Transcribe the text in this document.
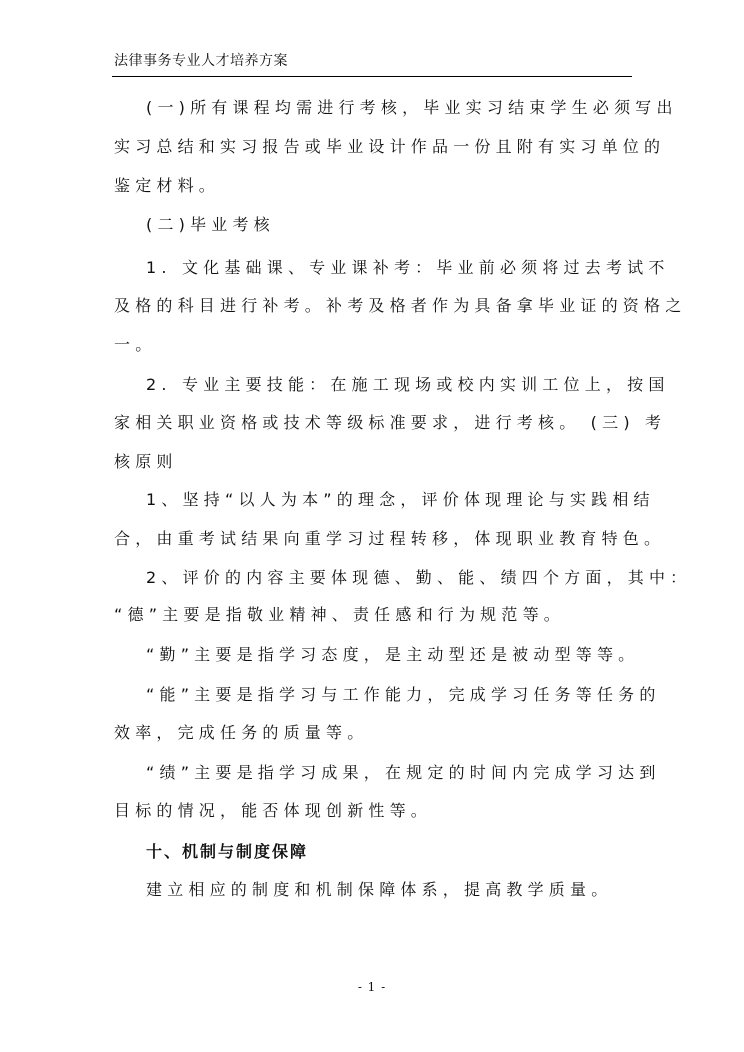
法律事务专业人才培养方案
(一)所有课程均需进行考核，毕业实习结束学生必须写出
实习总结和实习报告或毕业设计作品一份且附有实习单位的
鉴定材料。
(二)毕业考核
1. 文化基础课、专业课补考：毕业前必须将过去考试不
及格的科目进行补考。补考及格者作为具备拿毕业证的资格之
一。
2. 专业主要技能：在施工现场或校内实训工位上，按国
家相关职业资格或技术等级标准要求，进行考核。 (三) 考
核原则
1、坚持“以人为本”的理念，评价体现理论与实践相结
合，由重考试结果向重学习过程转移，体现职业教育特色。
2、评价的内容主要体现德、勤、能、绩四个方面，其中：
“德”主要是指敬业精神、责任感和行为规范等。
“勤”主要是指学习态度，是主动型还是被动型等等。
“能”主要是指学习与工作能力，完成学习任务等任务的
效率，完成任务的质量等。
“绩”主要是指学习成果，在规定的时间内完成学习达到
目标的情况，能否体现创新性等。
十、机制与制度保障
建立相应的制度和机制保障体系，提高教学质量。
- 1 -
